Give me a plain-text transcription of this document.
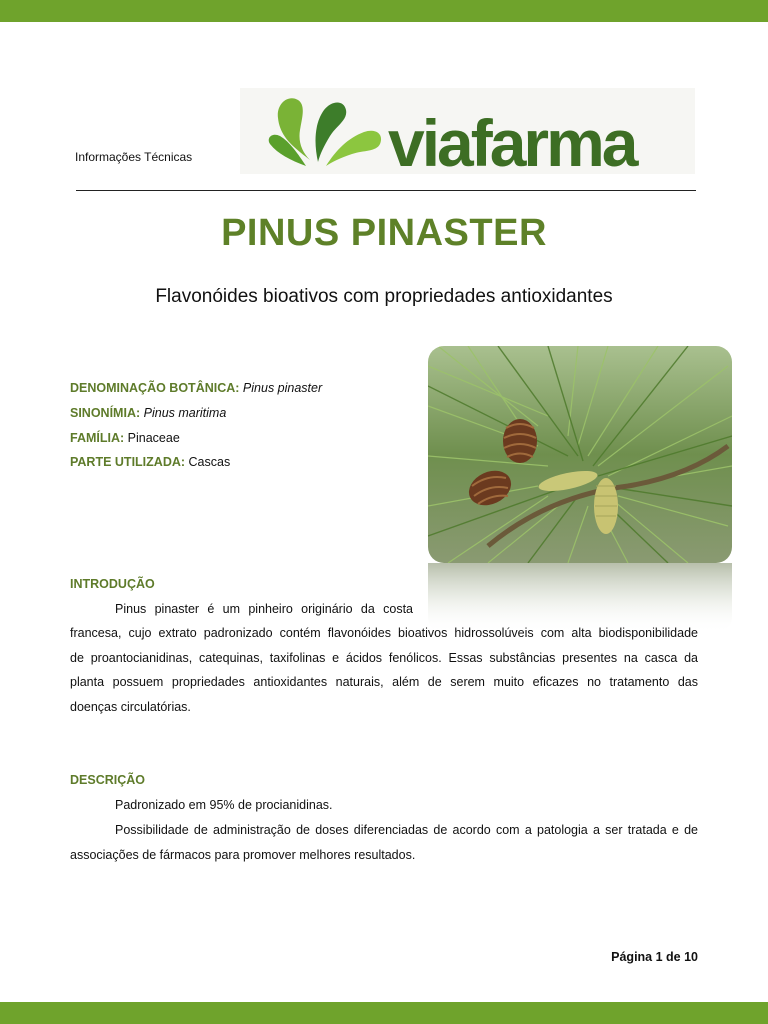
Informações Técnicas	viafarma
PINUS PINASTER
Flavonóides bioativos com propriedades antioxidantes
DENOMINAÇÃO BOTÂNICA: Pinus pinaster
SINONÍMIA: Pinus maritima
FAMÍLIA: Pinaceae
PARTE UTILIZADA: Cascas
INTRODUÇÃO
Pinus pinaster é um pinheiro originário da costa
francesa, cujo extrato padronizado contém flavonóides bioativos hidrossolúveis com alta biodisponibilidade
de proantocianidinas, catequinas, taxifolinas e ácidos fenólicos. Essas substâncias presentes na casca da
planta possuem propriedades antioxidantes naturais, além de serem muito eficazes no tratamento das
doenças circulatórias.
DESCRIÇÃO
Padronizado em 95% de procianidinas.
Possibilidade de administração de doses diferenciadas de acordo com a patologia a ser tratada e de
associações de fármacos para promover melhores resultados.
Página 1 de 10
